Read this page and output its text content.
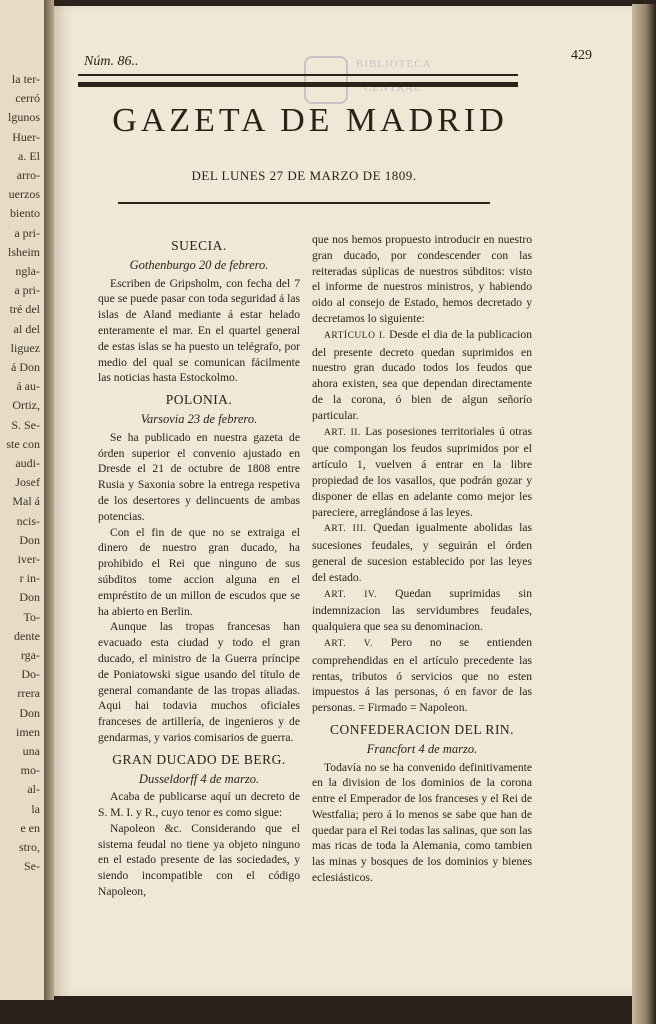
la ter-
cerró
lgunos
Huer-
a. El
arro-
uerzos
biento
a pri-
lsheim
ngla-
a pri-
tré del
al del
liguez
á Don
á au-
Ortiz,
S. Se-
ste con
audi-
Josef
Mal á
ncis-
Don
iver-
r in-
Don
To-
dente
rga-
Do-
rrera
Don
imen
una
mo-
al-
la
e en
stro,
Se-
BIBLIOTECA
CENTRAL
Núm. 86..	429
GAZETA DE MADRID
DEL LUNES 27 DE MARZO DE 1809.
SUECIA.
Gothenburgo 20 de febrero.

Escriben de Gripsholm, con fecha del 7 que se puede pasar con toda seguridad á las islas de Aland mediante á estar helado enteramente el mar. En el quartel general de estas islas se ha puesto un telégrafo, por medio del qual se comunican fácilmente las noticias hasta Estockolmo.

POLONIA.
Varsovia 23 de febrero.

Se ha publicado en nuestra gazeta de órden superior el convenio ajustado en Dresde el 21 de octubre de 1808 entre Rusia y Saxonia sobre la entrega respetiva de los desertores y delincuents de ambas potencias.

Con el fin de que no se extraiga el dinero de nuestro gran ducado, ha prohibido el Rei que ninguno de sus súbditos tome accion alguna en el empréstito de un millon de escudos que se ha abierto en Berlin.

Aunque las tropas francesas han evacuado esta ciudad y todo el gran ducado, el ministro de la Guerra príncipe de Poniatowski sigue usando del título de general comandante de las tropas aliadas. Aqui hai todavia muchos oficiales franceses de artillería, de ingenieros y de gendarmas, y varios comisarios de guerra.

GRAN DUCADO DE BERG.
Dusseldorff 4 de marzo.

Acaba de publicarse aquí un decreto de S. M. I. y R., cuyo tenor es como sigue:

Napoleon &c. Considerando que el sistema feudal no tiene ya objeto ninguno en el estado presente de las sociedades, y siendo incompatible con el código Napoleon,

que nos hemos propuesto introducir en nuestro gran ducado, por condescender con las reiteradas súplicas de nuestros súbditos: visto el informe de nuestros ministros, y habiendo oido al consejo de Estado, hemos decretado y decretamos lo siguiente:

ARTÍCULO I. Desde el dia de la publicacion del presente decreto quedan suprimidos en nuestro gran ducado todos los feudos que ahora existen, sea que dependan directamente de la corona, ó bien de algun señorío particular.

ART. II. Las posesiones territoriales ú otras que compongan los feudos suprimidos por el artículo 1, vuelven á entrar en la libre propiedad de los vasallos, que podrán gozar y disponer de ellas en adelante como mejor les pareciere, arreglándose á las leyes.

ART. III. Quedan igualmente abolidas las sucesiones feudales, y seguirán el órden general de sucesion establecido por las leyes del estado.

ART. IV. Quedan suprimidas sin indemnizacion las servidumbres feudales, qualquiera que sea su denominacion.

ART. V. Pero no se entienden comprehendidas en el artículo precedente las rentas, tributos ó servicios que no esten impuestos á las personas, ó en favor de las personas. = Firmado = Napoleon.

CONFEDERACION DEL RIN.
Francfort 4 de marzo.

Todavía no se ha convenido definitivamente en la division de los dominios de la corona entre el Emperador de los franceses y el Rei de Westfalia; pero á lo menos se sabe que han de quedar para el Rei todas las salinas, que son las mas ricas de toda la Alemania, como tambien las minas y bosques de los dominios y bienes eclesiásticos.
